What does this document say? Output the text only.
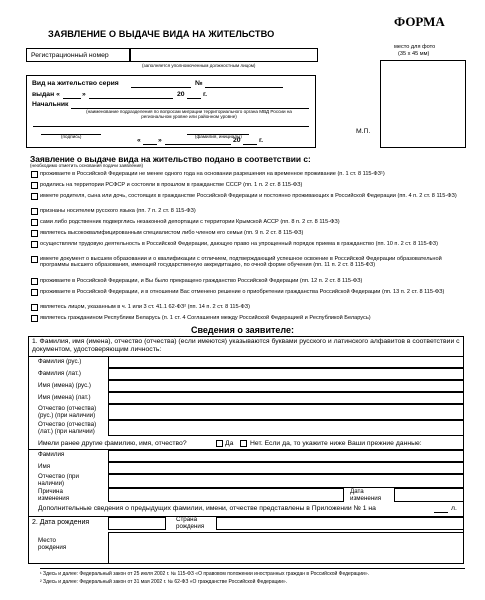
ФОРМА
ЗАЯВЛЕНИЕ О ВЫДАЧЕ ВИДА НА ЖИТЕЛЬСТВО
Регистрационный номер
(заполняется уполномоченным должностным лицом)
место для фото
(35 х 45 мм)
Вид на жительство серия	№
выдан «	»	20	г.
Начальник
(наименование подразделения по вопросам миграции территориального органа МВД России на региональном уровне или районном уровне)
(подпись)	(фамилия, инициалы)
«	»	20	г.
М.П.
Заявление о выдаче вида на жительство подано в соответствии с:
(необходимо отметить основания подачи заявления)
проживаете в Российской Федерации не менее одного года на основании разрешения на временное проживание (п. 1 ст. 8 115-ФЗ¹)
родились на территории РСФСР и состояли в прошлом в гражданстве СССР (пп. 1 п. 2 ст. 8 115-ФЗ)
имеете родителя, сына или дочь, состоящих в гражданстве Российской Федерации и постоянно проживающих в Российской Федерации (пп. 4 п. 2 ст. 8 115-ФЗ)
признаны носителем русского языка (пп. 7 п. 2 ст. 8 115-ФЗ)
сами либо родственник подверглись незаконной депортации с территории Крымской АССР (пп. 8 п. 2 ст. 8 115-ФЗ)
являетесь высококвалифицированным специалистом либо членом его семьи (пп. 9 п. 2 ст. 8 115-ФЗ)
осуществляли трудовую деятельность в Российской Федерации, дающую право на упрощенный порядок приема в гражданство (пп. 10 п. 2 ст. 8 115-ФЗ)
имеете документ о высшем образовании и о квалификации с отличием, подтверждающий успешное освоение в Российской Федерации образовательной программы высшего образования, имеющей государственную аккредитацию, по очной форме обучения (пп. 11 п. 2 ст. 8 115-ФЗ)
проживаете в Российской Федерации, и Вы было прекращено гражданство Российской Федерации (пп. 12 п. 2 ст. 8 115-ФЗ)
проживаете в Российской Федерации, и в отношении Вас отменено решение о приобретении гражданства Российской Федерации (пп. 13 п. 2 ст. 8 115-ФЗ)
являетесь лицом, указанным в ч. 1 или 3 ст. 41.1 62-ФЗ² (пп. 14 п. 2 ст. 8 115-ФЗ)
являетесь гражданином Республики Беларусь (п. 1 ст. 4 Соглашения между Российской Федерацией и Республикой Беларусь)
Сведения о заявителе:
1. Фамилия, имя (имена), отчество (отчества) (если имеются) указываются буквами русского и латинского алфавитов в соответствии с документом, удостоверяющим личность:
Фамилия (рус.)
Фамилия (лат.)
Имя (имена) (рус.)
Имя (имена) (лат.)
Отчество (отчества) (рус.) (при наличии)
Отчество (отчества) (лат.) (при наличии)
Имели ранее другие фамилию, имя, отчество?	Да Нет. Если да, то укажите ниже Ваши прежние данные:
Фамилия
Имя
Отчество (при наличии)
Причина изменения
Дата изменения
Дополнительные сведения о предыдущих фамилии, имени, отчестве представлены в Приложении № 1 на	л.
2. Дата рождения	Страна рождения
Место рождения
¹ Здесь и далее: Федеральный закон от 25 июля 2002 г. № 115-ФЗ «О правовом положении иностранных граждан в Российской Федерации».
² Здесь и далее: Федеральный закон от 31 мая 2002 г. № 62-ФЗ «О гражданстве Российской Федерации».
